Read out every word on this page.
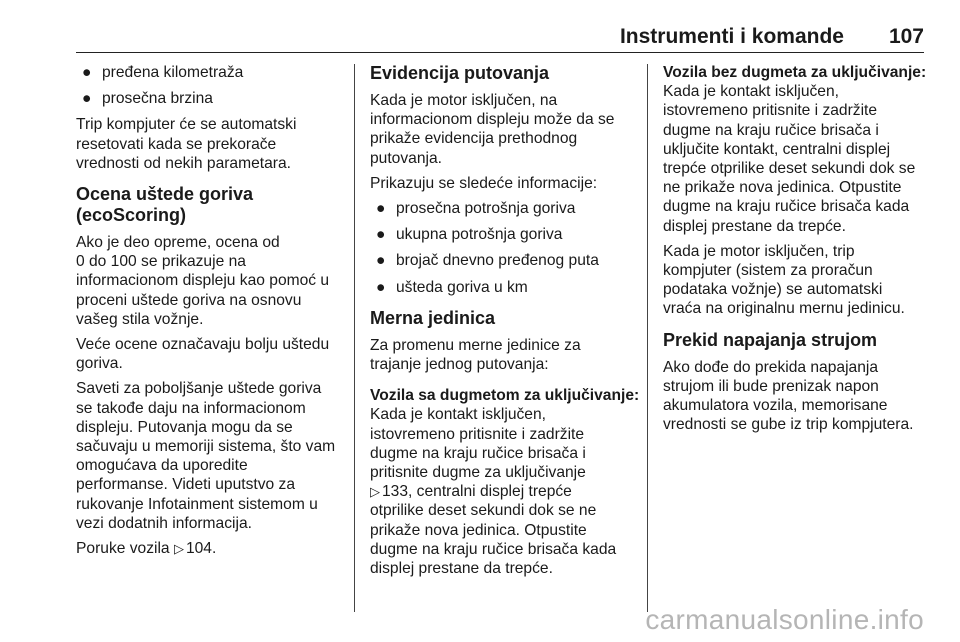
Instrumenti i komande 107
● pređena kilometraža
● prosečna brzina

Trip kompjuter će se automatski
resetovati kada se prekorače
vrednosti od nekih parametara.

Ocena uštede goriva
(ecoScoring)

Ako je deo opreme, ocena od
0 do 100 se prikazuje na
informacionom displeju kao pomoć u
proceni uštede goriva na osnovu
vašeg stila vožnje.

Veće ocene označavaju bolju uštedu
goriva.

Saveti za poboljšanje uštede goriva
se takođe daju na informacionom
displeju. Putovanja mogu da se
sačuvaju u memoriji sistema, što vam
omogućava da uporedite
performanse. Videti uputstvo za
rukovanje Infotainment sistemom u
vezi dodatnih informacija.

Poruke vozila ▷ 104.

Evidencija putovanja

Kada je motor isključen, na
informacionom displeju može da se
prikaže evidencija prethodnog
putovanja.

Prikazuju se sledeće informacije:

● prosečna potrošnja goriva
● ukupna potrošnja goriva
● brojač dnevno pređenog puta
● ušteda goriva u km
Merna jedinica

Za promenu merne jedinice za
trajanje jednog putovanja:

Vozila sa dugmetom za uključivanje:
Kada je kontakt isključen,
istovremeno pritisnite i zadržite
dugme na kraju ručice brisača i
pritisnite dugme za uključivanje
▷ 133, centralni displej trepće
otprilike deset sekundi dok se ne
prikaže nova jedinica. Otpustite
dugme na kraju ručice brisača kada
displej prestane da trepće.

Vozila bez dugmeta za uključivanje:
Kada je kontakt isključen,
istovremeno pritisnite i zadržite
dugme na kraju ručice brisača i
uključite kontakt, centralni displej
trepće otprilike deset sekundi dok se
ne prikaže nova jedinica. Otpustite
dugme na kraju ručice brisača kada
displej prestane da trepće.

Kada je motor isključen, trip
kompjuter (sistem za proračun
podataka vožnje) se automatski
vraća na originalnu mernu jedinicu.

Prekid napajanja strujom

Ako dođe do prekida napajanja
strujom ili bude prenizak napon
akumulatora vozila, memorisane
vrednosti se gube iz trip kompjutera.

carmanualsonline.info
